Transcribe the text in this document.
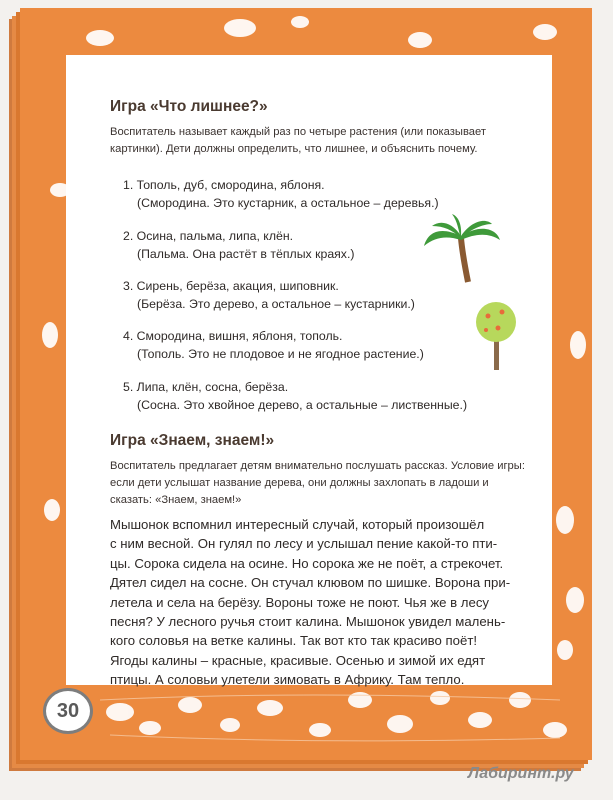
Игра «Что лишнее?»

Воспитатель называет каждый раз по четыре растения (или показывает картинки). Дети должны определить, что лишнее, и объяснить почему.

1. Тополь, дуб, смородина, яблоня.
(Смородина. Это кустарник, а остальное – деревья.)
2. Осина, пальма, липа, клён.
(Пальма. Она растёт в тёплых краях.)
3. Сирень, берёза, акация, шиповник.
(Берёза. Это дерево, а остальное – кустарники.)
4. Смородина, вишня, яблоня, тополь.
(Тополь. Это не плодовое и не ягодное растение.)
5. Липа, клён, сосна, берёза.
(Сосна. Это хвойное дерево, а остальные – лиственные.)
Игра «Знаем, знаем!»

Воспитатель предлагает детям внимательно послушать рассказ. Условие игры: если дети услышат название дерева, они должны захлопать в ладоши и сказать: «Знаем, знаем!»

Мышонок вспомнил интересный случай, который произошёл
с ним весной. Он гулял по лесу и услышал пение какой-то пти-
цы. Сорока сидела на осине. Но сорока же не поёт, а стрекочет.
Дятел сидел на сосне. Он стучал клювом по шишке. Ворона при-
летела и села на берёзу. Вороны тоже не поют. Чья же в лесу
песня? У лесного ручья стоит калина. Мышонок увидел малень-
кого соловья на ветке калины. Так вот кто так красиво поёт!
Ягоды калины – красные, красивые. Осенью и зимой их едят
птицы. А соловьи улетели зимовать в Африку. Там тепло.
30
Лабиринт.ру
